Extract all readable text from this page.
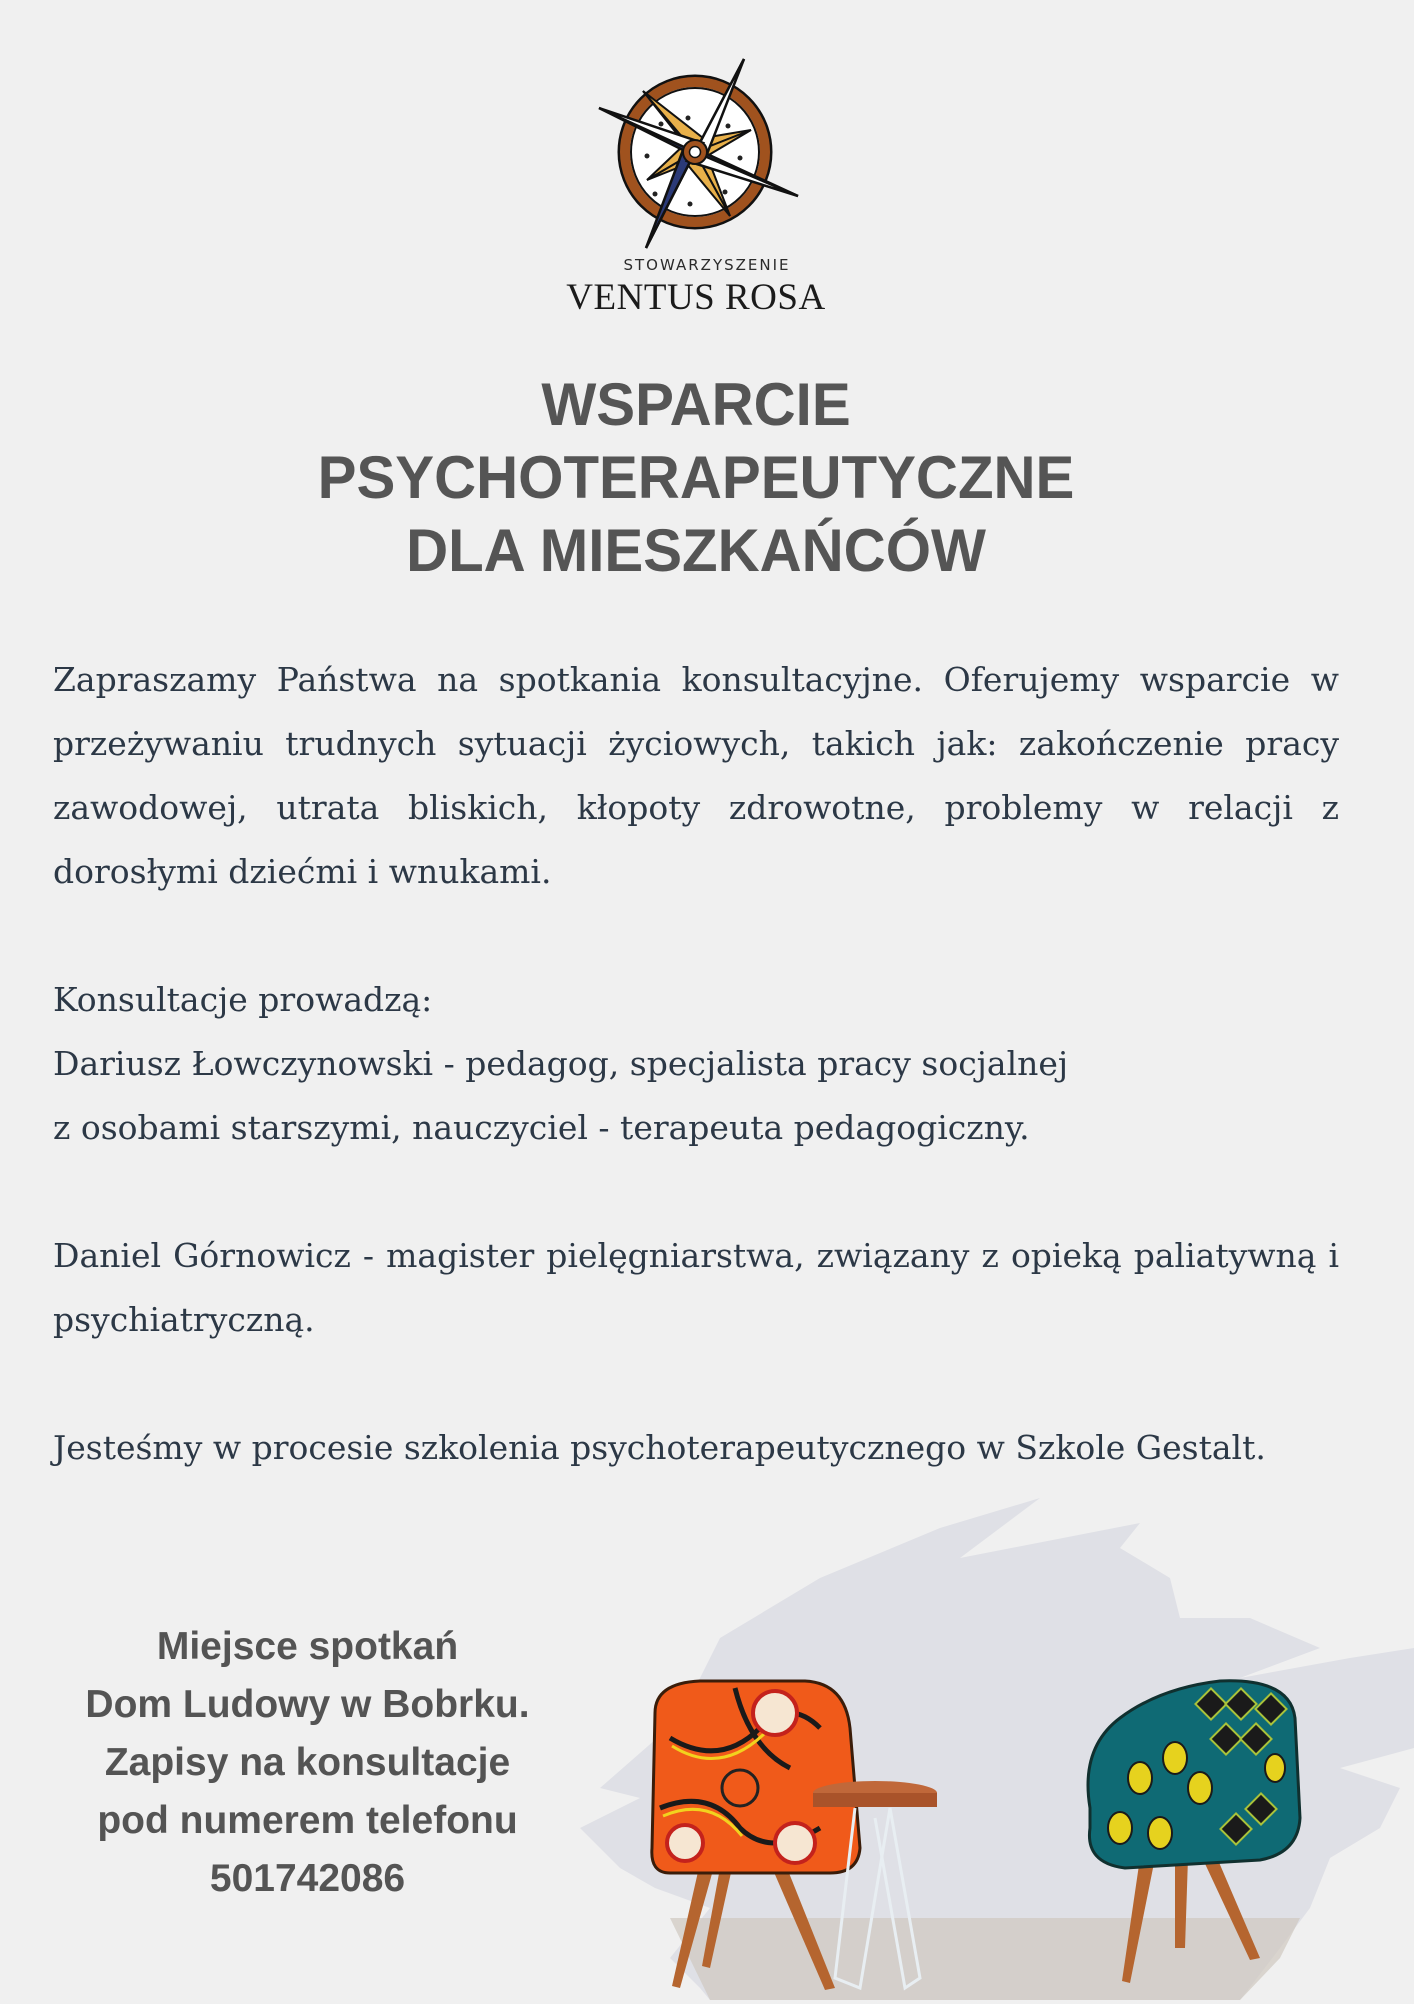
STOWARZYSZENIE
VENTUS ROSA
WSPARCIE
PSYCHOTERAPEUTYCZNE
DLA MIESZKAŃCÓW
Zapraszamy Państwa na spotkania konsultacyjne. Oferujemy wsparcie w przeżywaniu trudnych sytuacji życiowych, takich jak: zakończenie pracy zawodowej, utrata bliskich, kłopoty zdrowotne, problemy w relacji z dorosłymi dziećmi i wnukami.
Konsultacje prowadzą:
Dariusz Łowczynowski - pedagog, specjalista pracy socjalnej
z osobami starszymi, nauczyciel - terapeuta pedagogiczny.
Daniel Górnowicz - magister pielęgniarstwa, związany z opieką paliatywną i psychiatryczną.
Jesteśmy w procesie szkolenia psychoterapeutycznego w Szkole Gestalt.
Miejsce spotkań
Dom Ludowy w Bobrku.
Zapisy na konsultacje
pod numerem telefonu
501742086
